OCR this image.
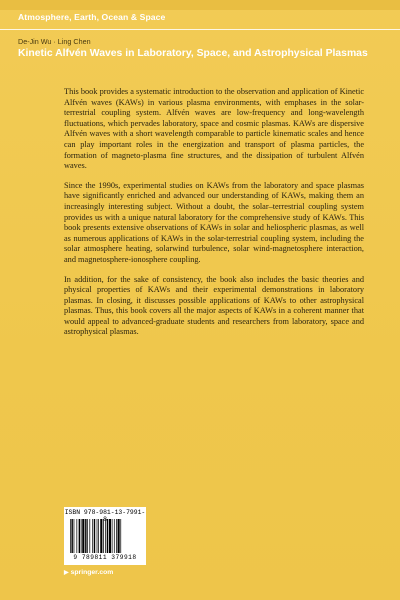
Atmosphere, Earth, Ocean & Space
De-Jin Wu · Ling Chen
Kinetic Alfvén Waves in Laboratory, Space, and Astrophysical Plasmas

This book provides a systematic introduction to the observation and application of Kinetic Alfvén waves (KAWs) in various plasma environments, with emphases in the solar-terrestrial coupling system. Alfvén waves are low-frequency and long-wavelength fluctuations, which pervades laboratory, space and cosmic plasmas. KAWs are dispersive Alfvén waves with a short wavelength comparable to particle kinematic scales and hence can play important roles in the energization and transport of plasma particles, the formation of magneto-plasma fine structures, and the dissipation of turbulent Alfvén waves.

Since the 1990s, experimental studies on KAWs from the laboratory and space plasmas have significantly enriched and advanced our understanding of KAWs, making them an increasingly interesting subject. Without a doubt, the solar–terrestrial coupling system provides us with a unique natural laboratory for the comprehensive study of KAWs. This book presents extensive observations of KAWs in solar and heliospheric plasmas, as well as numerous applications of KAWs in the solar-terrestrial coupling system, including the solar atmosphere heating, solarwind turbulence, solar wind-magnetosphere interaction, and magnetosphere-ionosphere coupling.

In addition, for the sake of consistency, the book also includes the basic theories and physical properties of KAWs and their experimental demonstrations in laboratory plasmas. In closing, it discusses possible applications of KAWs to other astrophysical plasmas. Thus, this book covers all the major aspects of KAWs in a coherent manner that would appeal to advanced-graduate students and researchers from laboratory, space and astrophysical plasmas.

ISBN 978-981-13-7991-8
9 789811 379918
▶ springer.com
